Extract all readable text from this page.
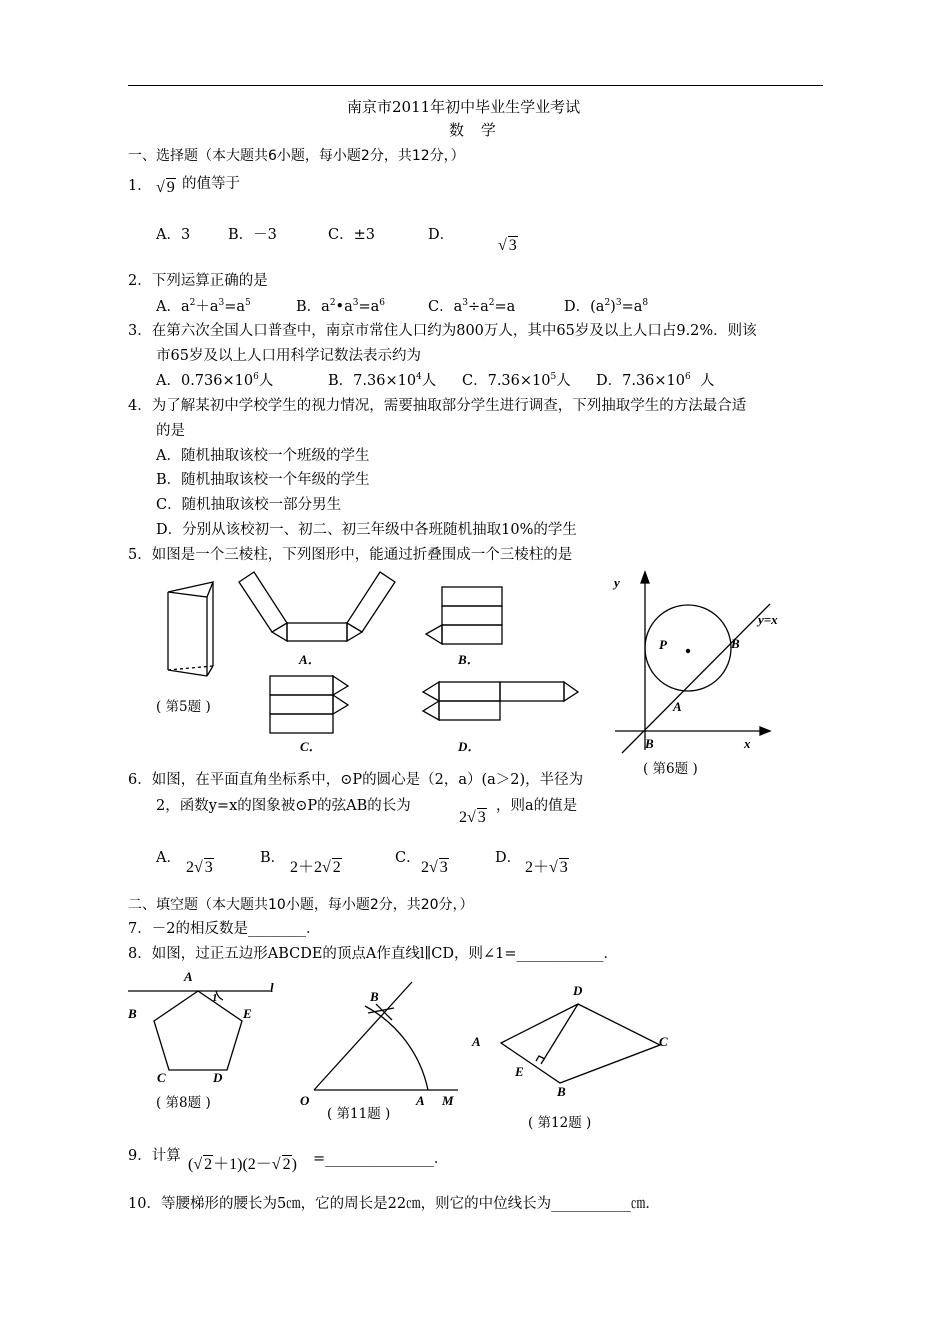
南京市2011年初中毕业生学业考试
数 学
一、选择题（本大题共6小题，每小题2分，共12分，）
1． √ 9 的值等于
A．3	B．－3	C．±3	D．
√ 3
2．下列运算正确的是
A．$a^2+a^3=a^5$	B．$a^2•a^3=a^6$	C．$a^3\div a^2=a$	D．$(a^2)^3=a^8$
3．在第六次全国人口普查中，南京市常住人口约为800万人，其中65岁及以上人口占9.2%．则该
市65岁及以上人口用科学记数法表示约为
A．$0.736\times 10^6$人	B．$7.36\times 10^4$人 C．$7.36\times 10^5$人 D．$7.36\times 10^6$ 人
4．为了解某初中学校学生的视力情况，需要抽取部分学生进行调查，下列抽取学生的方法最合适
的是
A．随机抽取该校一个班级的学生
B．随机抽取该校一个年级的学生
C．随机抽取该校一部分男生
D．分别从该校初一、初二、初三年级中各班随机抽取10%的学生
5．如图是一个三棱柱，下列图形中，能通过折叠围成一个三棱柱的是
A．	B．
C．	D．
( 第5题 )
y
y=x
P	B
A
B	x
( 第6题 )
6．如图，在平面直角坐标系中，⊙P的圆心是（2，a）(a＞2)，半径为
2，函数y=x的图象被⊙P的弦AB的长为
2√ 3
，则a的值是
A．
2√ 3
B．
2＋2√ 2
C．
2√ 3
D．
2＋√ 3
二、填空题（本大题共10小题，每小题2分，共20分，）
7．－2的相反数是________．
8．如图，过正五边形ABCDE的顶点A作直线l∥CD，则∠1=____________．
A
1
l
B	E
C	D
( 第8题 )
B
O	A M
( 第11题 )
D
A	C
E
B
( 第12题 )
9．计算 (√ 2＋1)(2－√ 2) =_______________．
10．等腰梯形的腰长为5㎝，它的周长是22㎝，则它的中位线长为___________㎝．
